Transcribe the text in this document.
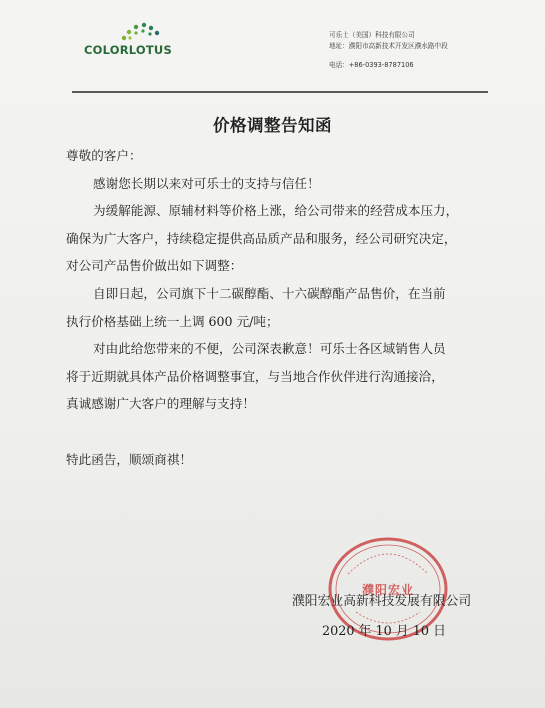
COLORLOTUS
可乐士（美国）科技有限公司
地址：濮阳市高新技术开发区濮水路中段
电话：+86-0393-8787106
价格调整告知函

尊敬的客户：

感谢您长期以来对可乐士的支持与信任！

为缓解能源、原辅材料等价格上涨，给公司带来的经营成本压力，
确保为广大客户，持续稳定提供高品质产品和服务，经公司研究决定，
对公司产品售价做出如下调整：

自即日起，公司旗下十二碳醇酯、十六碳醇酯产品售价，在当前
执行价格基础上统一上调 600 元/吨；

对由此给您带来的不便，公司深表歉意！可乐士各区域销售人员
将于近期就具体产品价格调整事宜，与当地合作伙伴进行沟通接洽，
真诚感谢广大客户的理解与支持！

特此函告，顺颂商祺！

濮阳宏业
濮阳宏业高新科技发展有限公司
2020 年 10 月 10 日
